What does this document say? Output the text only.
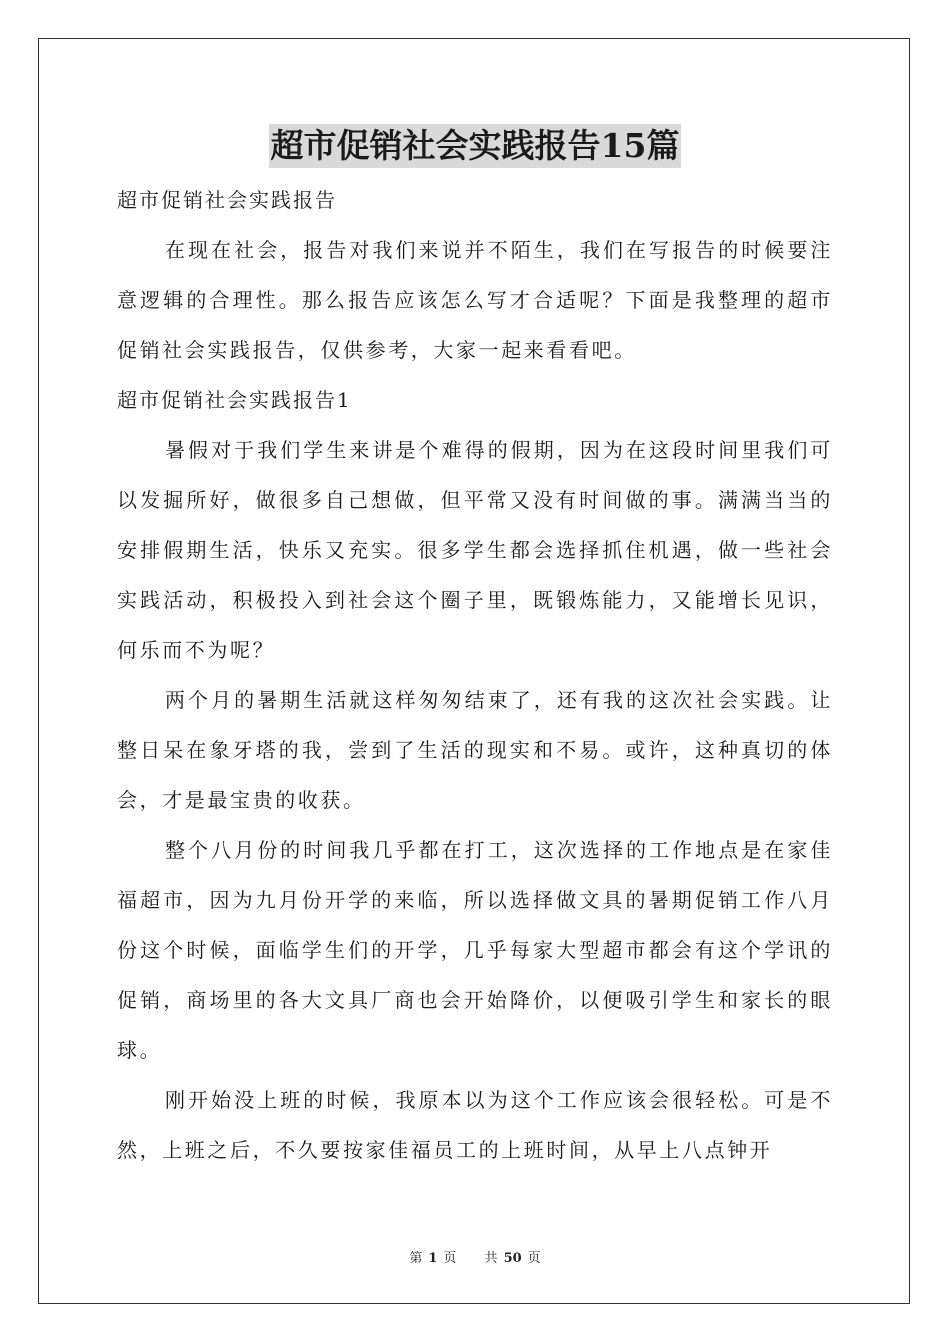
超市促销社会实践报告15篇

超市促销社会实践报告

在现在社会，报告对我们来说并不陌生，我们在写报告的时候要注意逻辑的合理性。那么报告应该怎么写才合适呢？下面是我整理的超市促销社会实践报告，仅供参考，大家一起来看看吧。

超市促销社会实践报告1

暑假对于我们学生来讲是个难得的假期，因为在这段时间里我们可以发掘所好，做很多自己想做，但平常又没有时间做的事。满满当当的安排假期生活，快乐又充实。很多学生都会选择抓住机遇，做一些社会实践活动，积极投入到社会这个圈子里，既锻炼能力，又能增长见识，何乐而不为呢？

两个月的暑期生活就这样匆匆结束了，还有我的这次社会实践。让整日呆在象牙塔的我，尝到了生活的现实和不易。或许，这种真切的体会，才是最宝贵的收获。

整个八月份的时间我几乎都在打工，这次选择的工作地点是在家佳福超市，因为九月份开学的来临，所以选择做文具的暑期促销工作八月份这个时候，面临学生们的开学，几乎每家大型超市都会有这个学讯的促销，商场里的各大文具厂商也会开始降价，以便吸引学生和家长的眼球。

刚开始没上班的时候，我原本以为这个工作应该会很轻松。可是不然，上班之后，不久要按家佳福员工的上班时间，从早上八点钟开

第 1 页 共 50 页
